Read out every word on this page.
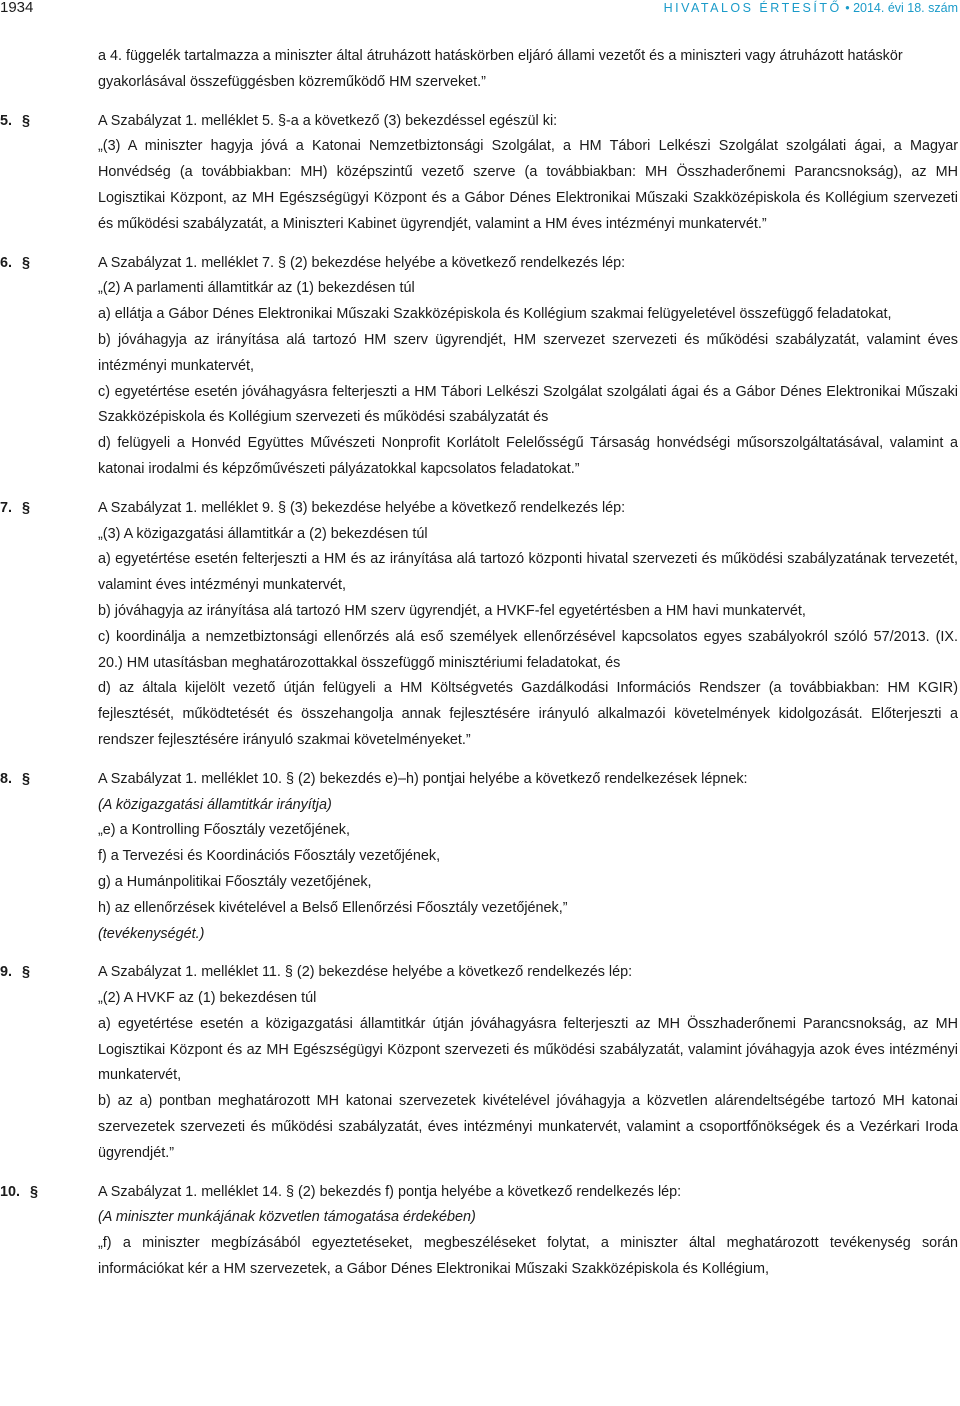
1934	HIVATALOS ÉRTESÍTŐ • 2014. évi 18. szám

a 4. függelék tartalmazza a miniszter által átruházott hatáskörben eljáró állami vezetőt és a miniszteri vagy átruházott hatáskör gyakorlásával összefüggésben közreműködő HM szerveket.”

5. §	A Szabályzat 1. melléklet 5. §-a a következő (3) bekezdéssel egészül ki:

„(3) A miniszter hagyja jóvá a Katonai Nemzetbiztonsági Szolgálat, a HM Tábori Lelkészi Szolgálat szolgálati ágai, a Magyar Honvédség (a továbbiakban: MH) középszintű vezető szerve (a továbbiakban: MH Összhaderőnemi Parancsnokság), az MH Logisztikai Központ, az MH Egészségügyi Központ és a Gábor Dénes Elektronikai Műszaki Szakközépiskola és Kollégium szervezeti és működési szabályzatát, a Miniszteri Kabinet ügyrendjét, valamint a HM éves intézményi munkatervét.”

6. §	A Szabályzat 1. melléklet 7. § (2) bekezdése helyébe a következő rendelkezés lép:

„(2) A parlamenti államtitkár az (1) bekezdésen túl

a) ellátja a Gábor Dénes Elektronikai Műszaki Szakközépiskola és Kollégium szakmai felügyeletével összefüggő feladatokat,

b) jóváhagyja az irányítása alá tartozó HM szerv ügyrendjét, HM szervezet szervezeti és működési szabályzatát, valamint éves intézményi munkatervét,

c) egyetértése esetén jóváhagyásra felterjeszti a HM Tábori Lelkészi Szolgálat szolgálati ágai és a Gábor Dénes Elektronikai Műszaki Szakközépiskola és Kollégium szervezeti és működési szabályzatát és

d) felügyeli a Honvéd Együttes Művészeti Nonprofit Korlátolt Felelősségű Társaság honvédségi műsorszolgáltatásával, valamint a katonai irodalmi és képzőművészeti pályázatokkal kapcsolatos feladatokat.”

7. §	A Szabályzat 1. melléklet 9. § (3) bekezdése helyébe a következő rendelkezés lép:

„(3) A közigazgatási államtitkár a (2) bekezdésen túl

a) egyetértése esetén felterjeszti a HM és az irányítása alá tartozó központi hivatal szervezeti és működési szabályzatának tervezetét, valamint éves intézményi munkatervét,

b) jóváhagyja az irányítása alá tartozó HM szerv ügyrendjét, a HVKF-fel egyetértésben a HM havi munkatervét,

c) koordinálja a nemzetbiztonsági ellenőrzés alá eső személyek ellenőrzésével kapcsolatos egyes szabályokról szóló 57/2013. (IX. 20.) HM utasításban meghatározottakkal összefüggő minisztériumi feladatokat, és

d) az általa kijelölt vezető útján felügyeli a HM Költségvetés Gazdálkodási Információs Rendszer (a továbbiakban: HM KGIR) fejlesztését, működtetését és összehangolja annak fejlesztésére irányuló alkalmazói követelmények kidolgozását. Előterjeszti a rendszer fejlesztésére irányuló szakmai követelményeket.”

8. §	A Szabályzat 1. melléklet 10. § (2) bekezdés e)–h) pontjai helyébe a következő rendelkezések lépnek:

(A közigazgatási államtitkár irányítja)

„e) a Kontrolling Főosztály vezetőjének,

f) a Tervezési és Koordinációs Főosztály vezetőjének,

g) a Humánpolitikai Főosztály vezetőjének,

h) az ellenőrzések kivételével a Belső Ellenőrzési Főosztály vezetőjének,”

(tevékenységét.)

9. §	A Szabályzat 1. melléklet 11. § (2) bekezdése helyébe a következő rendelkezés lép:

„(2) A HVKF az (1) bekezdésen túl

a) egyetértése esetén a közigazgatási államtitkár útján jóváhagyásra felterjeszti az MH Összhaderőnemi Parancsnokság, az MH Logisztikai Központ és az MH Egészségügyi Központ szervezeti és működési szabályzatát, valamint jóváhagyja azok éves intézményi munkatervét,

b) az a) pontban meghatározott MH katonai szervezetek kivételével jóváhagyja a közvetlen alárendeltségébe tartozó MH katonai szervezetek szervezeti és működési szabályzatát, éves intézményi munkatervét, valamint a csoportfőnökségek és a Vezérkari Iroda ügyrendjét.”

10. §	A Szabályzat 1. melléklet 14. § (2) bekezdés f) pontja helyébe a következő rendelkezés lép:

(A miniszter munkájának közvetlen támogatása érdekében)

„f) a miniszter megbízásából egyeztetéseket, megbeszéléseket folytat, a miniszter által meghatározott tevékenység során információkat kér a HM szervezetek, a Gábor Dénes Elektronikai Műszaki Szakközépiskola és Kollégium,
